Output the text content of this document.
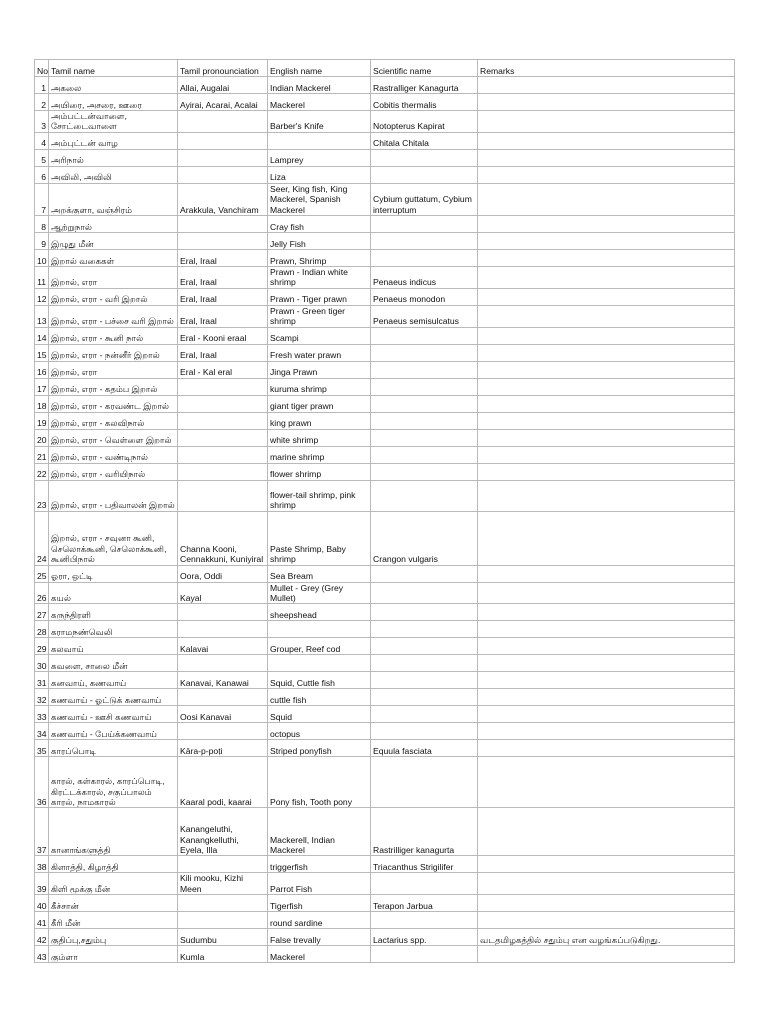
No	Tamil name	Tamil pronounciation	English name	Scientific name	Remarks
1	அகலை	Allai, Augalai	Indian Mackerel	Rastralliger Kanagurta	
2	அயிரை, அசரை, ஊரை	Ayirai, Acarai, Acalai	Mackerel	Cobitis thermalis	
3	அம்பட்டன்வாளை, சோட்டைவாளை		Barber's Knife	Notopterus Kapirat	
4	அம்புட்டன் வாழ			Chitala Chitala	
5	அரிநால்		Lamprey		
6	அவிலி, அவிலி		Liza		
7	அறக்குளா, வஞ்சிரம்	Arakkula, Vanchiram	Seer, King fish, King Mackerel, Spanish Mackerel	Cybium guttatum, Cybium interruptum	
8	ஆற்றுநால்		Cray fish		
9	இழுது மீன்		Jelly Fish		
10	இறால் வகைகள்	Eral, Iraal	Prawn, Shrimp		
11	இறால், எரா	Eral, Iraal	Prawn - Indian white shrimp	Penaeus indicus	
12	இறால், எரா - வரி இறால்	Eral, Iraal	Prawn - Tiger prawn	Penaeus monodon	
13	இறால், எரா - பச்சை வரி இறால்	Eral, Iraal	Prawn - Green tiger shrimp	Penaeus semisulcatus	
14	இறால், எரா - கூனி நால்	Eral - Kooni eraal	Scampi		
15	இறால், எரா - நன்னீர் இறால்	Eral, Iraal	Fresh water prawn		
16	இறால், எரா	Eral - Kal eral	Jinga Prawn		
17	இறால், எரா - கதம்ப இறால்		kuruma shrimp		
18	இறால், எரா - கரவண்ட இறால்		giant tiger prawn		
19	இறால், எரா - கலவிநால்		king prawn		
20	இறால், எரா - வெள்ளை இறால்		white shrimp		
21	இறால், எரா - வண்டிநால்		marine shrimp		
22	இறால், எரா - வரியிநால்		flower shrimp		
23	இறால், எரா - பதிவாலன் இறால்		flower-tail shrimp, pink shrimp		
24	இறால், எரா - சவுனா கூனி, செலொக்கூனி, செலொக்கூனி, கூனிபிநால்	Channa Kooni, Cennakkuni, Kuniyiral	Paste Shrimp, Baby shrimp	Crangon vulgaris	
25	ஓரா, ஒட்டி	Oora, Oddi	Sea Bream		
26	கயல்	Kayal	Mullet - Grey (Grey Mullet)		
27	கருந்திரளி		sheepshead		
28	கராமநண்வெலி				
29	கலவாய்	Kalavai	Grouper, Reef cod		
30	கவளை, சாலை மீன்				
31	கனவாய், கணவாய்	Kanavai, Kanawai	Squid, Cuttle fish		
32	கணவாய் - ஓட்டுக் கணவாய்		cuttle fish		
33	கணவாய் - ஊசி கணவாய்	Oosi Kanavai	Squid		
34	கணவாய் - பேய்க்கணவாய்		octopus		
35	காரப்பொடி	Kāra-p-poṭi	Striped ponyfish	Equula fasciata	
36	காரல், கள்காரல், காரப்பொடி, கிரட்டக்காரல், சகுப்பாலம் காரல், நாமகாரல்	Kaaral podi, kaarai	Pony fish, Tooth pony		
37	கானாங்களுத்தி	Kanangeluthi, Kanangkelluthi, Eyela, Illa	Mackerell, Indian Mackerel	Rastrilliger kanagurta	
38	கிளாத்தி, கிழாத்தி		triggerfish	Triacanthus Strigilifer	
39	கிளி மூக்கு மீன்	Kili mooku, Kizhi Meen	Parrot Fish		
40	கீச்சான்		Tigerfish	Terapon Jarbua	
41	கீரி மீன்		round sardine		
42	குதிப்பு,சதும்பு	Sudumbu	False trevally	Lactarius spp.	வடதமிழகத்தில் சதும்பு என வழங்கப்படுகிறது.
43	கும்ளா	Kumla	Mackerel		
